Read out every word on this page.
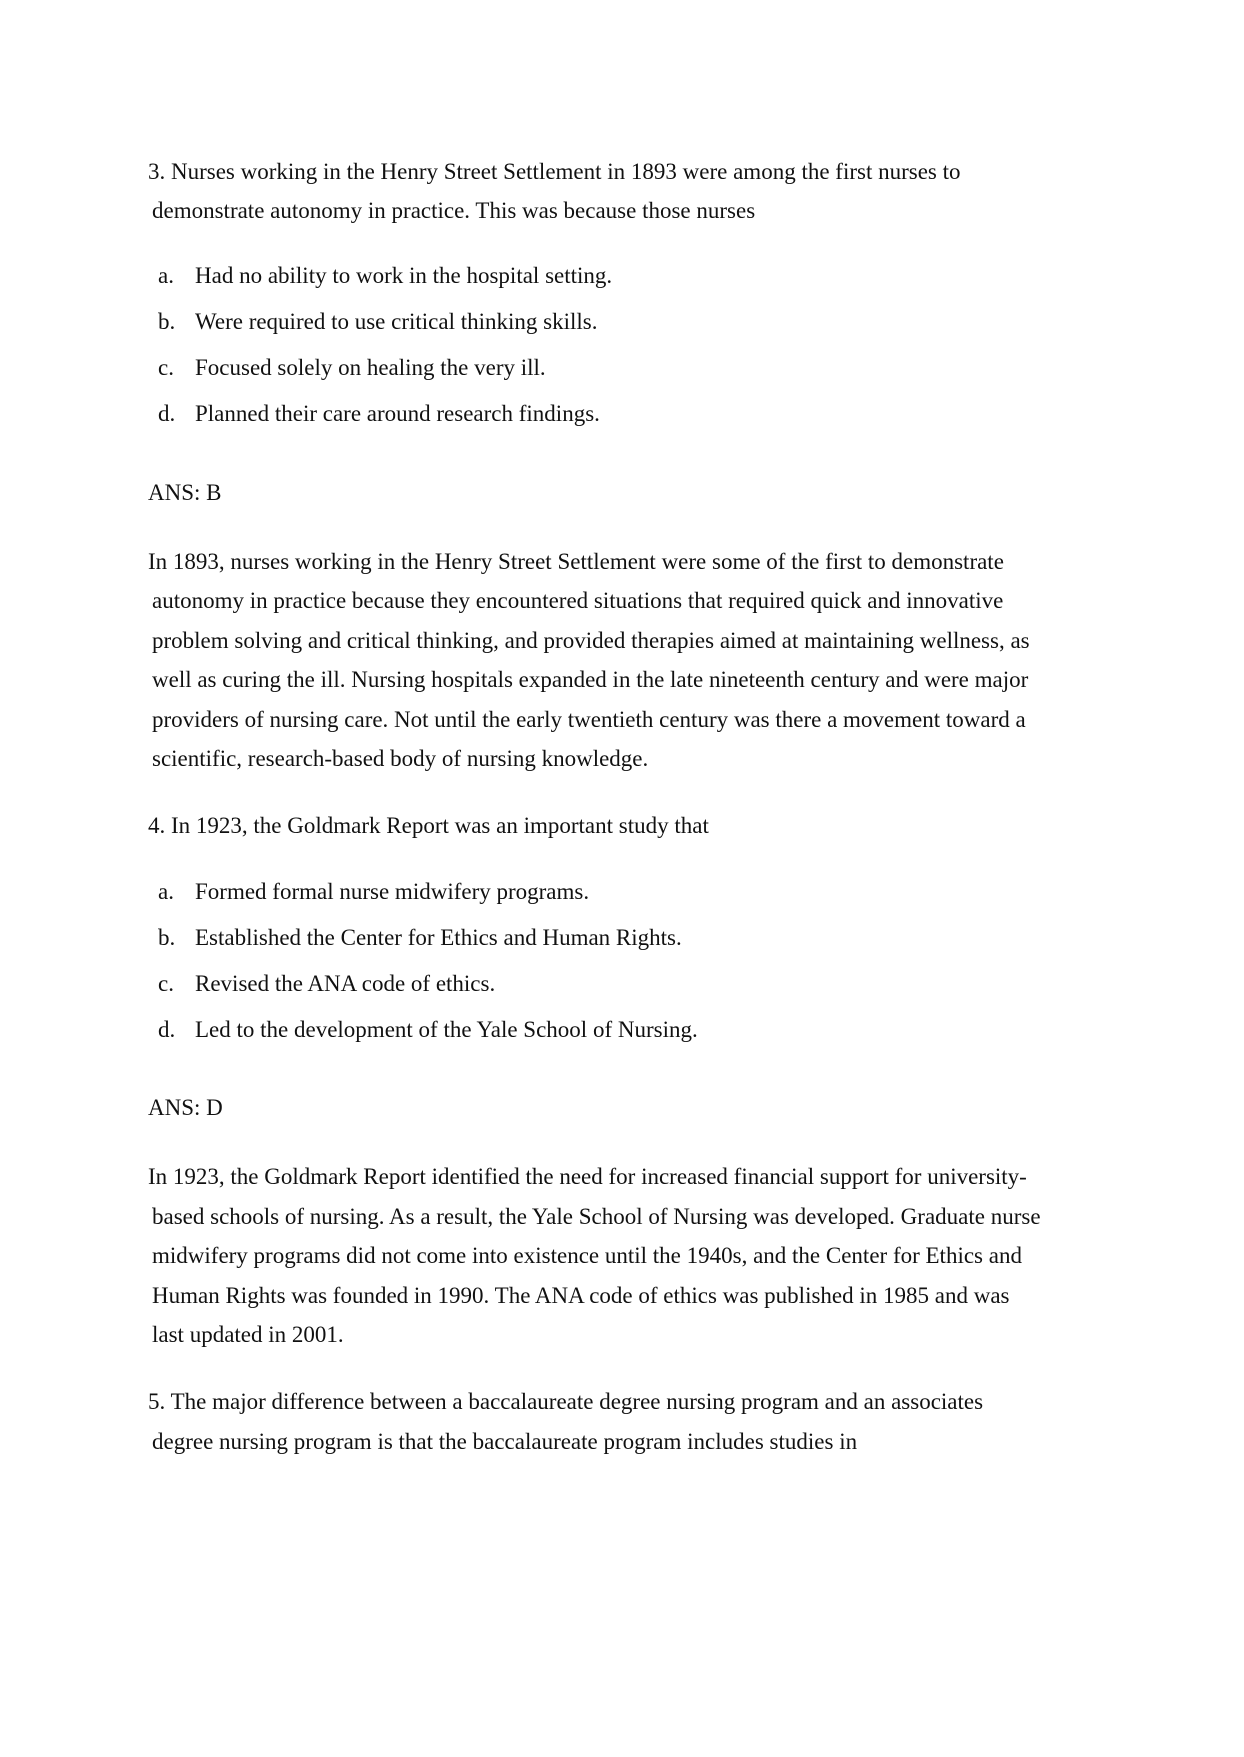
3. Nurses working in the Henry Street Settlement in 1893 were among the first nurses to
demonstrate autonomy in practice. This was because those nurses
a. Had no ability to work in the hospital setting.
b. Were required to use critical thinking skills.
c. Focused solely on healing the very ill.
d. Planned their care around research findings.
ANS: B
In 1893, nurses working in the Henry Street Settlement were some of the first to demonstrate
autonomy in practice because they encountered situations that required quick and innovative
problem solving and critical thinking, and provided therapies aimed at maintaining wellness, as
well as curing the ill. Nursing hospitals expanded in the late nineteenth century and were major
providers of nursing care. Not until the early twentieth century was there a movement toward a
scientific, research-based body of nursing knowledge.
4. In 1923, the Goldmark Report was an important study that
a. Formed formal nurse midwifery programs.
b. Established the Center for Ethics and Human Rights.
c. Revised the ANA code of ethics.
d. Led to the development of the Yale School of Nursing.
ANS: D
In 1923, the Goldmark Report identified the need for increased financial support for university-
based schools of nursing. As a result, the Yale School of Nursing was developed. Graduate nurse
midwifery programs did not come into existence until the 1940s, and the Center for Ethics and
Human Rights was founded in 1990. The ANA code of ethics was published in 1985 and was
last updated in 2001.
5. The major difference between a baccalaureate degree nursing program and an associates
degree nursing program is that the baccalaureate program includes studies in
